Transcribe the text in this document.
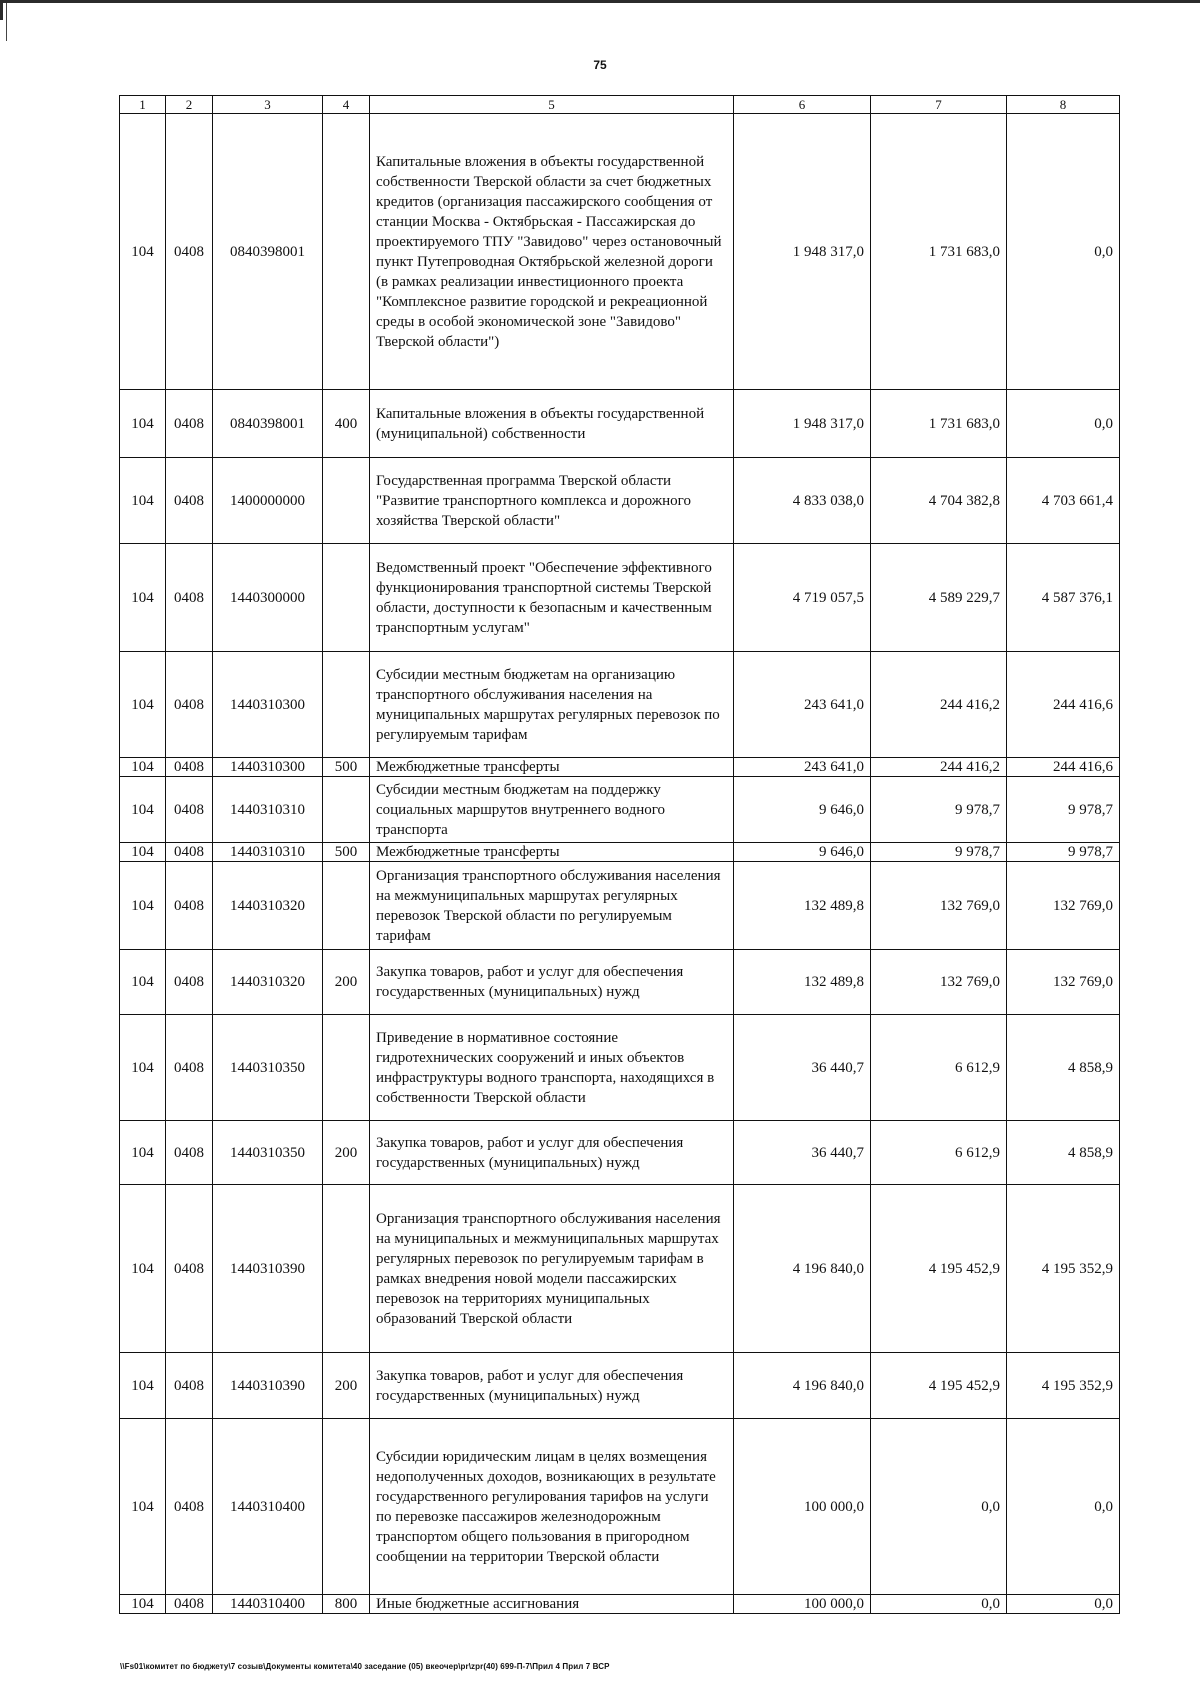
75
1	2	3	4	5	6	7	8
104	0408	0840398001		Капитальные вложения в объекты государственной собственности Тверской области за счет бюджетных кредитов (организация пассажирского сообщения от станции Москва - Октябрьская - Пассажирская до проектируемого ТПУ "Завидово" через остановочный пункт Путепроводная Октябрьской железной дороги (в рамках реализации инвестиционного проекта "Комплексное развитие городской и рекреационной среды в особой экономической зоне "Завидово" Тверской области")	1 948 317,0	1 731 683,0	0,0
104	0408	0840398001	400	Капитальные вложения в объекты государственной (муниципальной) собственности	1 948 317,0	1 731 683,0	0,0
104	0408	1400000000		Государственная программа Тверской области "Развитие транспортного комплекса и дорожного хозяйства Тверской области"	4 833 038,0	4 704 382,8	4 703 661,4
104	0408	1440300000		Ведомственный проект "Обеспечение эффективного функционирования транспортной системы Тверской области, доступности к безопасным и качественным транспортным услугам"	4 719 057,5	4 589 229,7	4 587 376,1
104	0408	1440310300		Субсидии местным бюджетам на организацию транспортного обслуживания населения на муниципальных маршрутах регулярных перевозок по регулируемым тарифам	243 641,0	244 416,2	244 416,6
104	0408	1440310300	500	Межбюджетные трансферты	243 641,0	244 416,2	244 416,6
104	0408	1440310310		Субсидии местным бюджетам на поддержку социальных маршрутов внутреннего водного транспорта	9 646,0	9 978,7	9 978,7
104	0408	1440310310	500	Межбюджетные трансферты	9 646,0	9 978,7	9 978,7
104	0408	1440310320		Организация транспортного обслуживания населения на межмуниципальных маршрутах регулярных перевозок Тверской области по регулируемым тарифам	132 489,8	132 769,0	132 769,0
104	0408	1440310320	200	Закупка товаров, работ и услуг для обеспечения государственных (муниципальных) нужд	132 489,8	132 769,0	132 769,0
104	0408	1440310350		Приведение в нормативное состояние гидротехнических сооружений и иных объектов инфраструктуры водного транспорта, находящихся в собственности Тверской области	36 440,7	6 612,9	4 858,9
104	0408	1440310350	200	Закупка товаров, работ и услуг для обеспечения государственных (муниципальных) нужд	36 440,7	6 612,9	4 858,9
104	0408	1440310390		Организация транспортного обслуживания населения на муниципальных и межмуниципальных маршрутах регулярных перевозок по регулируемым тарифам в рамках внедрения новой модели пассажирских перевозок на территориях муниципальных образований Тверской области	4 196 840,0	4 195 452,9	4 195 352,9
104	0408	1440310390	200	Закупка товаров, работ и услуг для обеспечения государственных (муниципальных) нужд	4 196 840,0	4 195 452,9	4 195 352,9
104	0408	1440310400		Субсидии юридическим лицам в целях возмещения недополученных доходов, возникающих в результате государственного регулирования тарифов на услуги по перевозке пассажиров железнодорожным транспортом общего пользования в пригородном сообщении на территории Тверской области	100 000,0	0,0	0,0
104	0408	1440310400	800	Иные бюджетные ассигнования	100 000,0	0,0	0,0
\\Fs01\комитет по бюджету\7 созыв\Документы комитета\40 заседание (05) вкеочер\pr\zpr(40) 699-П-7\Прил 4 Прил 7 ВСР
